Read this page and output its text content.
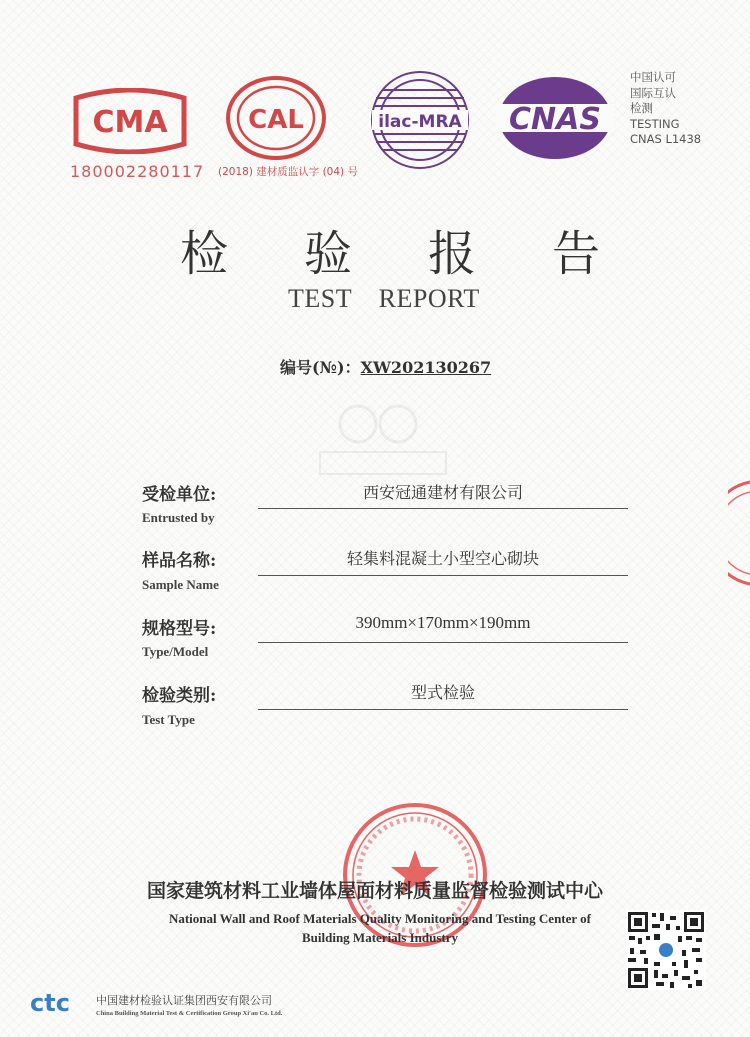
CMA
180002280117
CAL
(2018) 建材质监认字 (04) 号
ilac-MRA CNAS
中国认可
国际互认
检测
TESTING
CNAS L1438
检 验 报 告
TEST REPORT
编号(№)：XW202130267
受检单位:
Entrusted by
西安冠通建材有限公司
样品名称:
Sample Name
轻集料混凝土小型空心砌块
规格型号:
Type/Model
390mm×170mm×190mm
检验类别:
Test Type
型式检验
国家建筑材料工业墙体屋面材料质量监督检验测试中心
National Wall and Roof Materials Quality Monitoring and Testing Center of
Building Materials Industry
ctc 中国建材检验认证集团西安有限公司
China Building Material Test & Certification Group Xi'an Co. Ltd.
